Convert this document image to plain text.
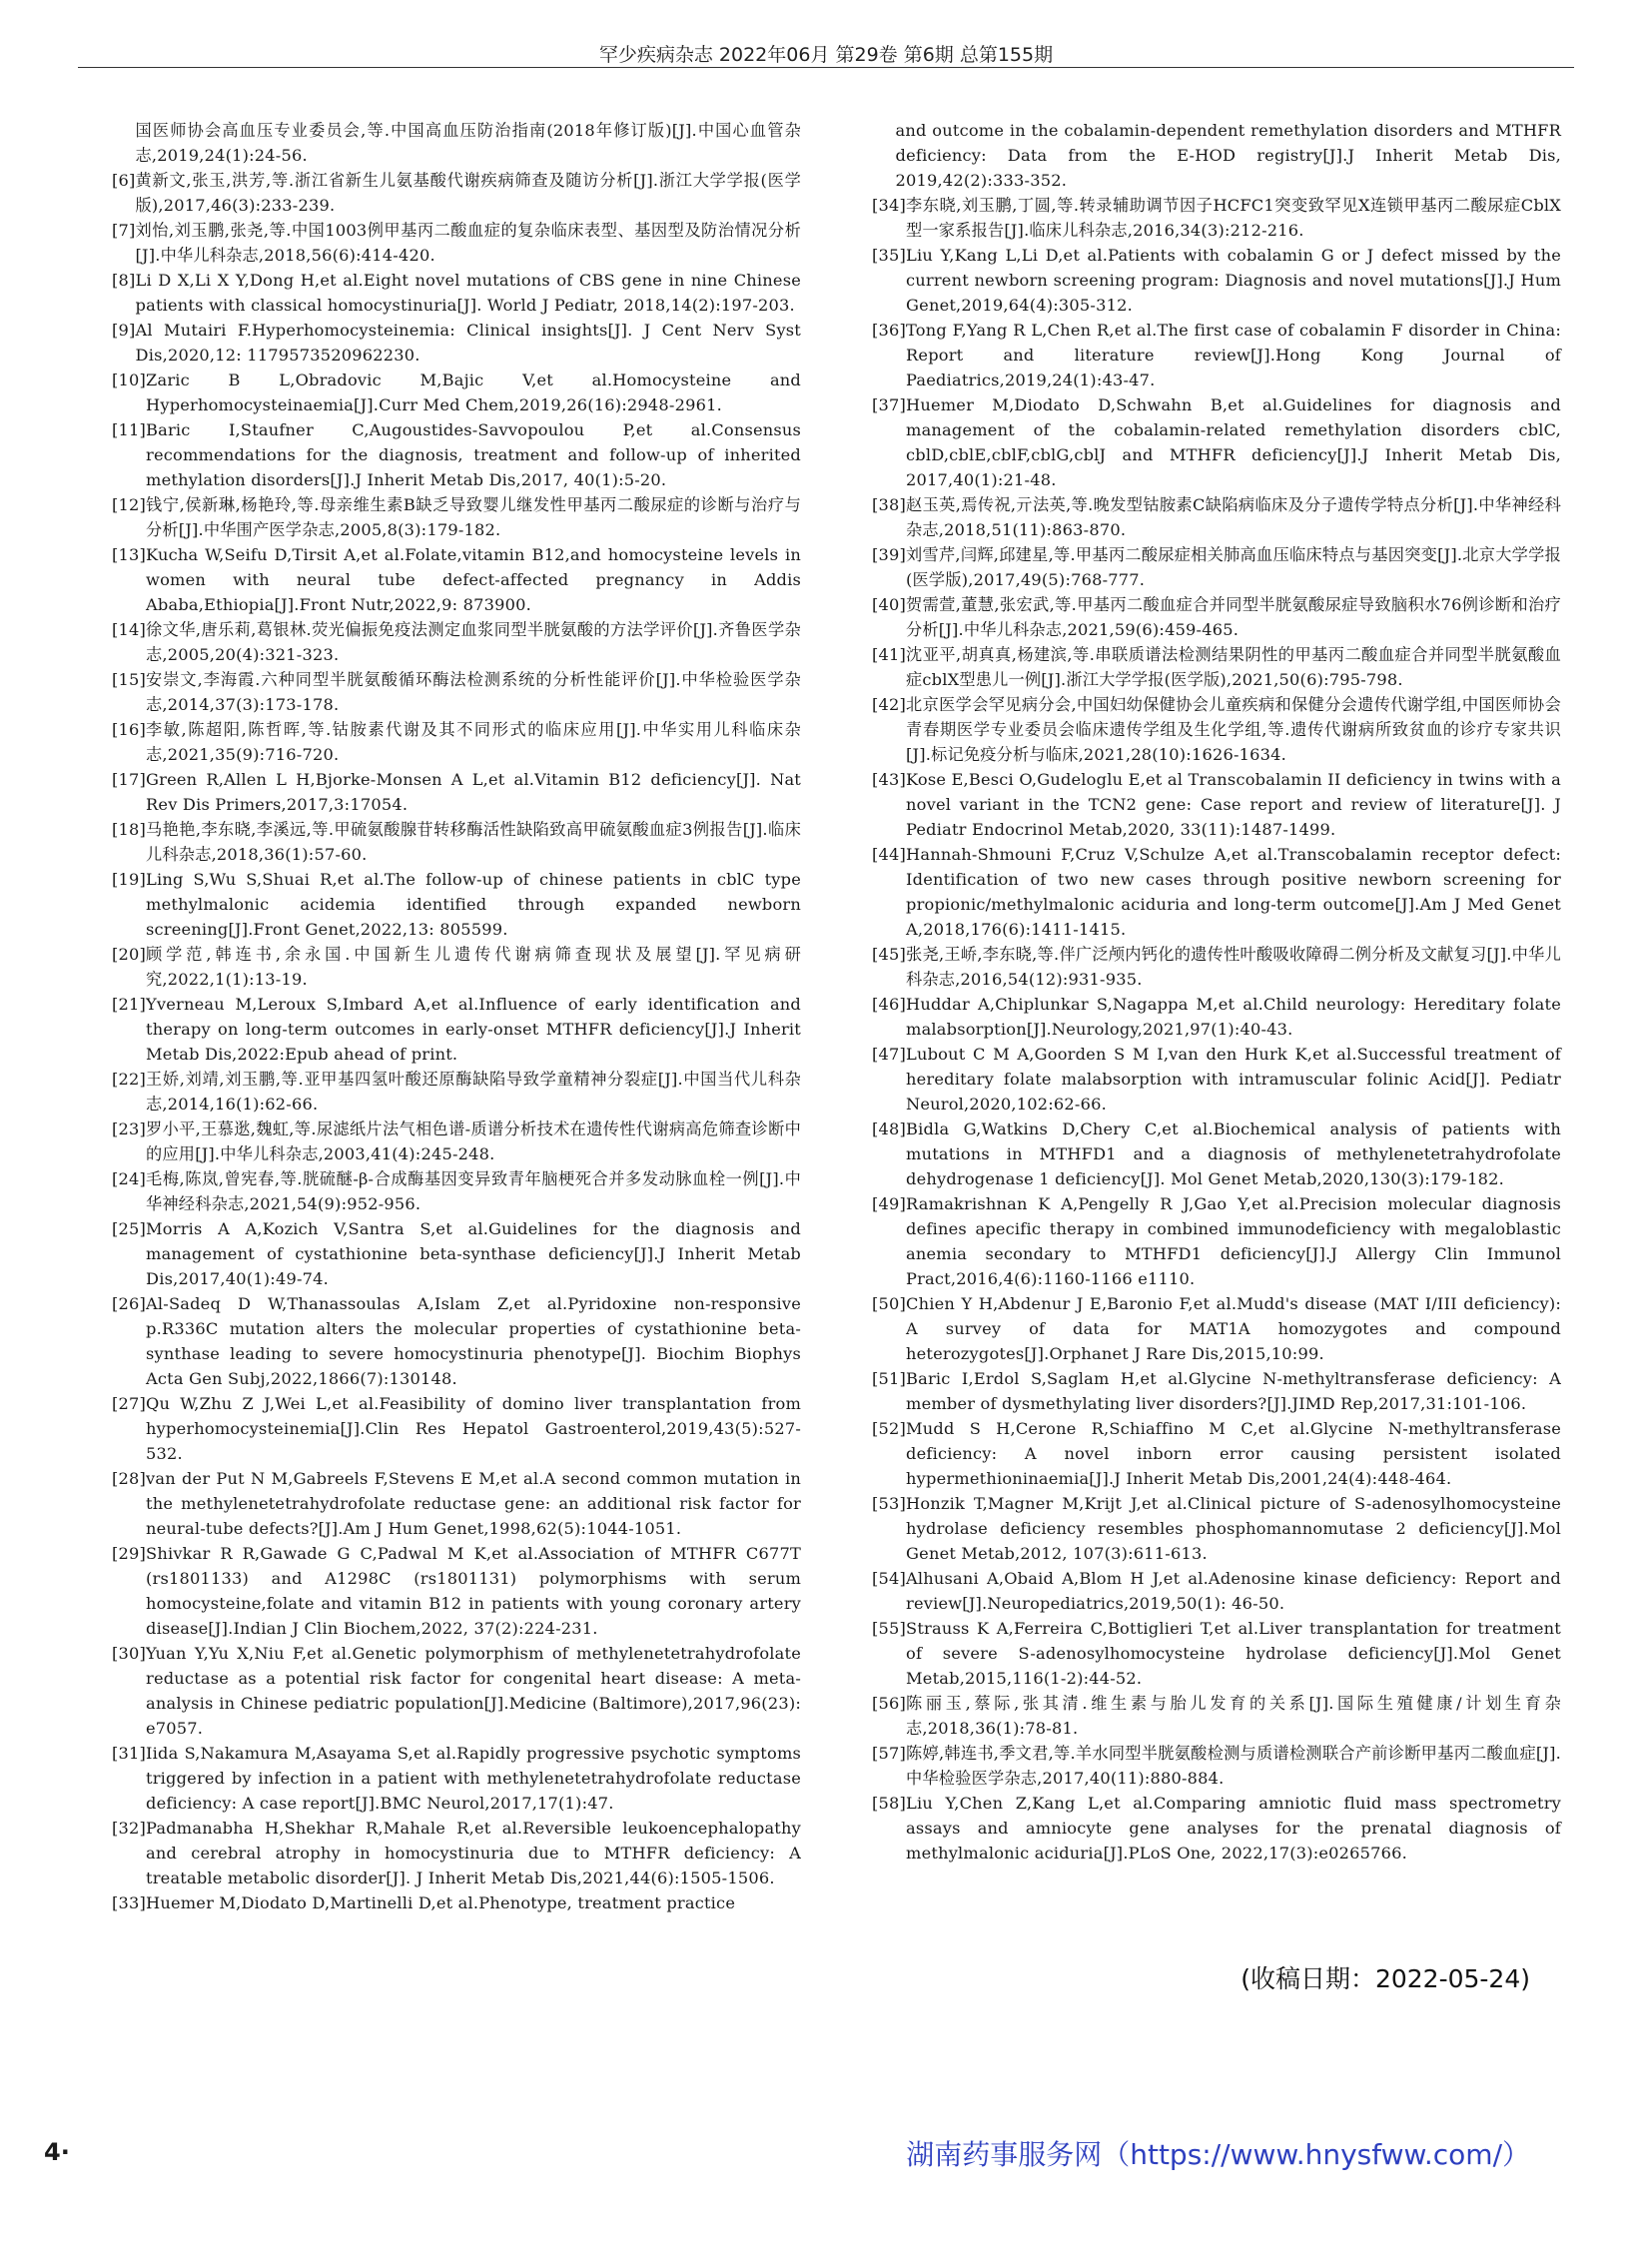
罕少疾病杂志 2022年06月 第29卷 第6期 总第155期
国医师协会高血压专业委员会,等.中国高血压防治指南(2018年修订版)[J].中国心血管杂志,2019,24(1):24-56.
[6] 黄新文,张玉,洪芳,等.浙江省新生儿氨基酸代谢疾病筛查及随访分析[J].浙江大学学报(医学版),2017,46(3):233-239.
[7] 刘怡,刘玉鹏,张尧,等.中国1003例甲基丙二酸血症的复杂临床表型、基因型及防治情况分析[J].中华儿科杂志,2018,56(6):414-420.
[8] Li D X,Li X Y,Dong H,et al.Eight novel mutations of CBS gene in nine Chinese patients with classical homocystinuria[J]. World J Pediatr, 2018,14(2):197-203.
[9] Al Mutairi F.Hyperhomocysteinemia: Clinical insights[J]. J Cent Nerv Syst Dis,2020,12: 1179573520962230.
[10] Zaric B L,Obradovic M,Bajic V,et al.Homocysteine and Hyperhomocysteinaemia[J].Curr Med Chem,2019,26(16):2948-2961.
[11] Baric I,Staufner C,Augoustides-Savvopoulou P,et al.Consensus recommendations for the diagnosis, treatment and follow-up of inherited methylation disorders[J].J Inherit Metab Dis,2017, 40(1):5-20.
[12] 钱宁,侯新琳,杨艳玲,等.母亲维生素B缺乏导致婴儿继发性甲基丙二酸尿症的诊断与治疗与分析[J].中华围产医学杂志,2005,8(3):179-182.
[13] Kucha W,Seifu D,Tirsit A,et al.Folate,vitamin B12,and homocysteine levels in women with neural tube defect-affected pregnancy in Addis Ababa,Ethiopia[J].Front Nutr,2022,9: 873900.
[14] 徐文华,唐乐莉,葛银林.荧光偏振免疫法测定血浆同型半胱氨酸的方法学评价[J].齐鲁医学杂志,2005,20(4):321-323.
[15] 安崇文,李海霞.六种同型半胱氨酸循环酶法检测系统的分析性能评价[J].中华检验医学杂志,2014,37(3):173-178.
[16] 李敏,陈超阳,陈哲晖,等.钴胺素代谢及其不同形式的临床应用[J].中华实用儿科临床杂志,2021,35(9):716-720.
[17] Green R,Allen L H,Bjorke-Monsen A L,et al.Vitamin B12 deficiency[J]. Nat Rev Dis Primers,2017,3:17054.
[18] 马艳艳,李东晓,李溪远,等.甲硫氨酸腺苷转移酶活性缺陷致高甲硫氨酸血症3例报告[J].临床儿科杂志,2018,36(1):57-60.
[19] Ling S,Wu S,Shuai R,et al.The follow-up of chinese patients in cblC type methylmalonic acidemia identified through expanded newborn screening[J].Front Genet,2022,13: 805599.
[20] 顾学范,韩连书,余永国.中国新生儿遗传代谢病筛查现状及展望[J].罕见病研究,2022,1(1):13-19.
[21] Yverneau M,Leroux S,Imbard A,et al.Influence of early identification and therapy on long-term outcomes in early-onset MTHFR deficiency[J].J Inherit Metab Dis,2022:Epub ahead of print.
[22] 王娇,刘靖,刘玉鹏,等.亚甲基四氢叶酸还原酶缺陷导致学童精神分裂症[J].中国当代儿科杂志,2014,16(1):62-66.
[23] 罗小平,王慕逖,魏虹,等.尿滤纸片法气相色谱-质谱分析技术在遗传性代谢病高危筛查诊断中的应用[J].中华儿科杂志,2003,41(4):245-248.
[24] 毛梅,陈岚,曾宪春,等.胱硫醚-β-合成酶基因变异致青年脑梗死合并多发动脉血栓一例[J].中华神经科杂志,2021,54(9):952-956.
[25] Morris A A,Kozich V,Santra S,et al.Guidelines for the diagnosis and management of cystathionine beta-synthase deficiency[J].J Inherit Metab Dis,2017,40(1):49-74.
[26] Al-Sadeq D W,Thanassoulas A,Islam Z,et al.Pyridoxine non-responsive p.R336C mutation alters the molecular properties of cystathionine beta-synthase leading to severe homocystinuria phenotype[J]. Biochim Biophys Acta Gen Subj,2022,1866(7):130148.
[27] Qu W,Zhu Z J,Wei L,et al.Feasibility of domino liver transplantation from hyperhomocysteinemia[J].Clin Res Hepatol Gastroenterol,2019,43(5):527-532.
[28] van der Put N M,Gabreels F,Stevens E M,et al.A second common mutation in the methylenetetrahydrofolate reductase gene: an additional risk factor for neural-tube defects?[J].Am J Hum Genet,1998,62(5):1044-1051.
[29] Shivkar R R,Gawade G C,Padwal M K,et al.Association of MTHFR C677T (rs1801133) and A1298C (rs1801131) polymorphisms with serum homocysteine,folate and vitamin B12 in patients with young coronary artery disease[J].Indian J Clin Biochem,2022, 37(2):224-231.
[30] Yuan Y,Yu X,Niu F,et al.Genetic polymorphism of methylenetetrahydrofolate reductase as a potential risk factor for congenital heart disease: A meta-analysis in Chinese pediatric population[J].Medicine (Baltimore),2017,96(23): e7057.
[31] Iida S,Nakamura M,Asayama S,et al.Rapidly progressive psychotic symptoms triggered by infection in a patient with methylenetetrahydrofolate reductase deficiency: A case report[J].BMC Neurol,2017,17(1):47.
[32] Padmanabha H,Shekhar R,Mahale R,et al.Reversible leukoencephalopathy and cerebral atrophy in homocystinuria due to MTHFR deficiency: A treatable metabolic disorder[J]. J Inherit Metab Dis,2021,44(6):1505-1506.
[33] Huemer M,Diodato D,Martinelli D,et al.Phenotype, treatment practice
and outcome in the cobalamin-dependent remethylation disorders and MTHFR deficiency: Data from the E-HOD registry[J].J Inherit Metab Dis, 2019,42(2):333-352.
[34] 李东晓,刘玉鹏,丁圆,等.转录辅助调节因子HCFC1突变致罕见X连锁甲基丙二酸尿症CblX型一家系报告[J].临床儿科杂志,2016,34(3):212-216.
[35] Liu Y,Kang L,Li D,et al.Patients with cobalamin G or J defect missed by the current newborn screening program: Diagnosis and novel mutations[J].J Hum Genet,2019,64(4):305-312.
[36] Tong F,Yang R L,Chen R,et al.The first case of cobalamin F disorder in China: Report and literature review[J].Hong Kong Journal of Paediatrics,2019,24(1):43-47.
[37] Huemer M,Diodato D,Schwahn B,et al.Guidelines for diagnosis and management of the cobalamin-related remethylation disorders cblC, cblD,cblE,cblF,cblG,cblJ and MTHFR deficiency[J].J Inherit Metab Dis, 2017,40(1):21-48.
[38] 赵玉英,焉传祝,亓法英,等.晚发型钴胺素C缺陷病临床及分子遗传学特点分析[J].中华神经科杂志,2018,51(11):863-870.
[39] 刘雪芹,闫辉,邱建星,等.甲基丙二酸尿症相关肺高血压临床特点与基因突变[J].北京大学学报(医学版),2017,49(5):768-777.
[40] 贺需萱,董慧,张宏武,等.甲基丙二酸血症合并同型半胱氨酸尿症导致脑积水76例诊断和治疗分析[J].中华儿科杂志,2021,59(6):459-465.
[41] 沈亚平,胡真真,杨建滨,等.串联质谱法检测结果阴性的甲基丙二酸血症合并同型半胱氨酸血症cblX型患儿一例[J].浙江大学学报(医学版),2021,50(6):795-798.
[42] 北京医学会罕见病分会,中国妇幼保健协会儿童疾病和保健分会遗传代谢学组,中国医师协会青春期医学专业委员会临床遗传学组及生化学组,等.遗传代谢病所致贫血的诊疗专家共识[J].标记免疫分析与临床,2021,28(10):1626-1634.
[43] Kose E,Besci O,Gudeloglu E,et al Transcobalamin II deficiency in twins with a novel variant in the TCN2 gene: Case report and review of literature[J]. J Pediatr Endocrinol Metab,2020, 33(11):1487-1499.
[44] Hannah-Shmouni F,Cruz V,Schulze A,et al.Transcobalamin receptor defect: Identification of two new cases through positive newborn screening for propionic/methylmalonic aciduria and long-term outcome[J].Am J Med Genet A,2018,176(6):1411-1415.
[45] 张尧,王峤,李东晓,等.伴广泛颅内钙化的遗传性叶酸吸收障碍二例分析及文献复习[J].中华儿科杂志,2016,54(12):931-935.
[46] Huddar A,Chiplunkar S,Nagappa M,et al.Child neurology: Hereditary folate malabsorption[J].Neurology,2021,97(1):40-43.
[47] Lubout C M A,Goorden S M I,van den Hurk K,et al.Successful treatment of hereditary folate malabsorption with intramuscular folinic Acid[J]. Pediatr Neurol,2020,102:62-66.
[48] Bidla G,Watkins D,Chery C,et al.Biochemical analysis of patients with mutations in MTHFD1 and a diagnosis of methylenetetrahydrofolate dehydrogenase 1 deficiency[J]. Mol Genet Metab,2020,130(3):179-182.
[49] Ramakrishnan K A,Pengelly R J,Gao Y,et al.Precision molecular diagnosis defines apecific therapy in combined immunodeficiency with megaloblastic anemia secondary to MTHFD1 deficiency[J].J Allergy Clin Immunol Pract,2016,4(6):1160-1166 e1110.
[50] Chien Y H,Abdenur J E,Baronio F,et al.Mudd's disease (MAT I/III deficiency): A survey of data for MAT1A homozygotes and compound heterozygotes[J].Orphanet J Rare Dis,2015,10:99.
[51] Baric I,Erdol S,Saglam H,et al.Glycine N-methyltransferase deficiency: A member of dysmethylating liver disorders?[J].JIMD Rep,2017,31:101-106.
[52] Mudd S H,Cerone R,Schiaffino M C,et al.Glycine N-methyltransferase deficiency: A novel inborn error causing persistent isolated hypermethioninaemia[J].J Inherit Metab Dis,2001,24(4):448-464.
[53] Honzik T,Magner M,Krijt J,et al.Clinical picture of S-adenosylhomocysteine hydrolase deficiency resembles phosphomannomutase 2 deficiency[J].Mol Genet Metab,2012, 107(3):611-613.
[54] Alhusani A,Obaid A,Blom H J,et al.Adenosine kinase deficiency: Report and review[J].Neuropediatrics,2019,50(1): 46-50.
[55] Strauss K A,Ferreira C,Bottiglieri T,et al.Liver transplantation for treatment of severe S-adenosylhomocysteine hydrolase deficiency[J].Mol Genet Metab,2015,116(1-2):44-52.
[56] 陈丽玉,蔡际,张其清.维生素与胎儿发育的关系[J].国际生殖健康/计划生育杂志,2018,36(1):78-81.
[57] 陈婷,韩连书,季文君,等.羊水同型半胱氨酸检测与质谱检测联合产前诊断甲基丙二酸血症[J].中华检验医学杂志,2017,40(11):880-884.
[58] Liu Y,Chen Z,Kang L,et al.Comparing amniotic fluid mass spectrometry assays and amniocyte gene analyses for the prenatal diagnosis of methylmalonic aciduria[J].PLoS One, 2022,17(3):e0265766.
(收稿日期：2022-05-24)
4·	湖南药事服务网（https://www.hnysfww.com/）
